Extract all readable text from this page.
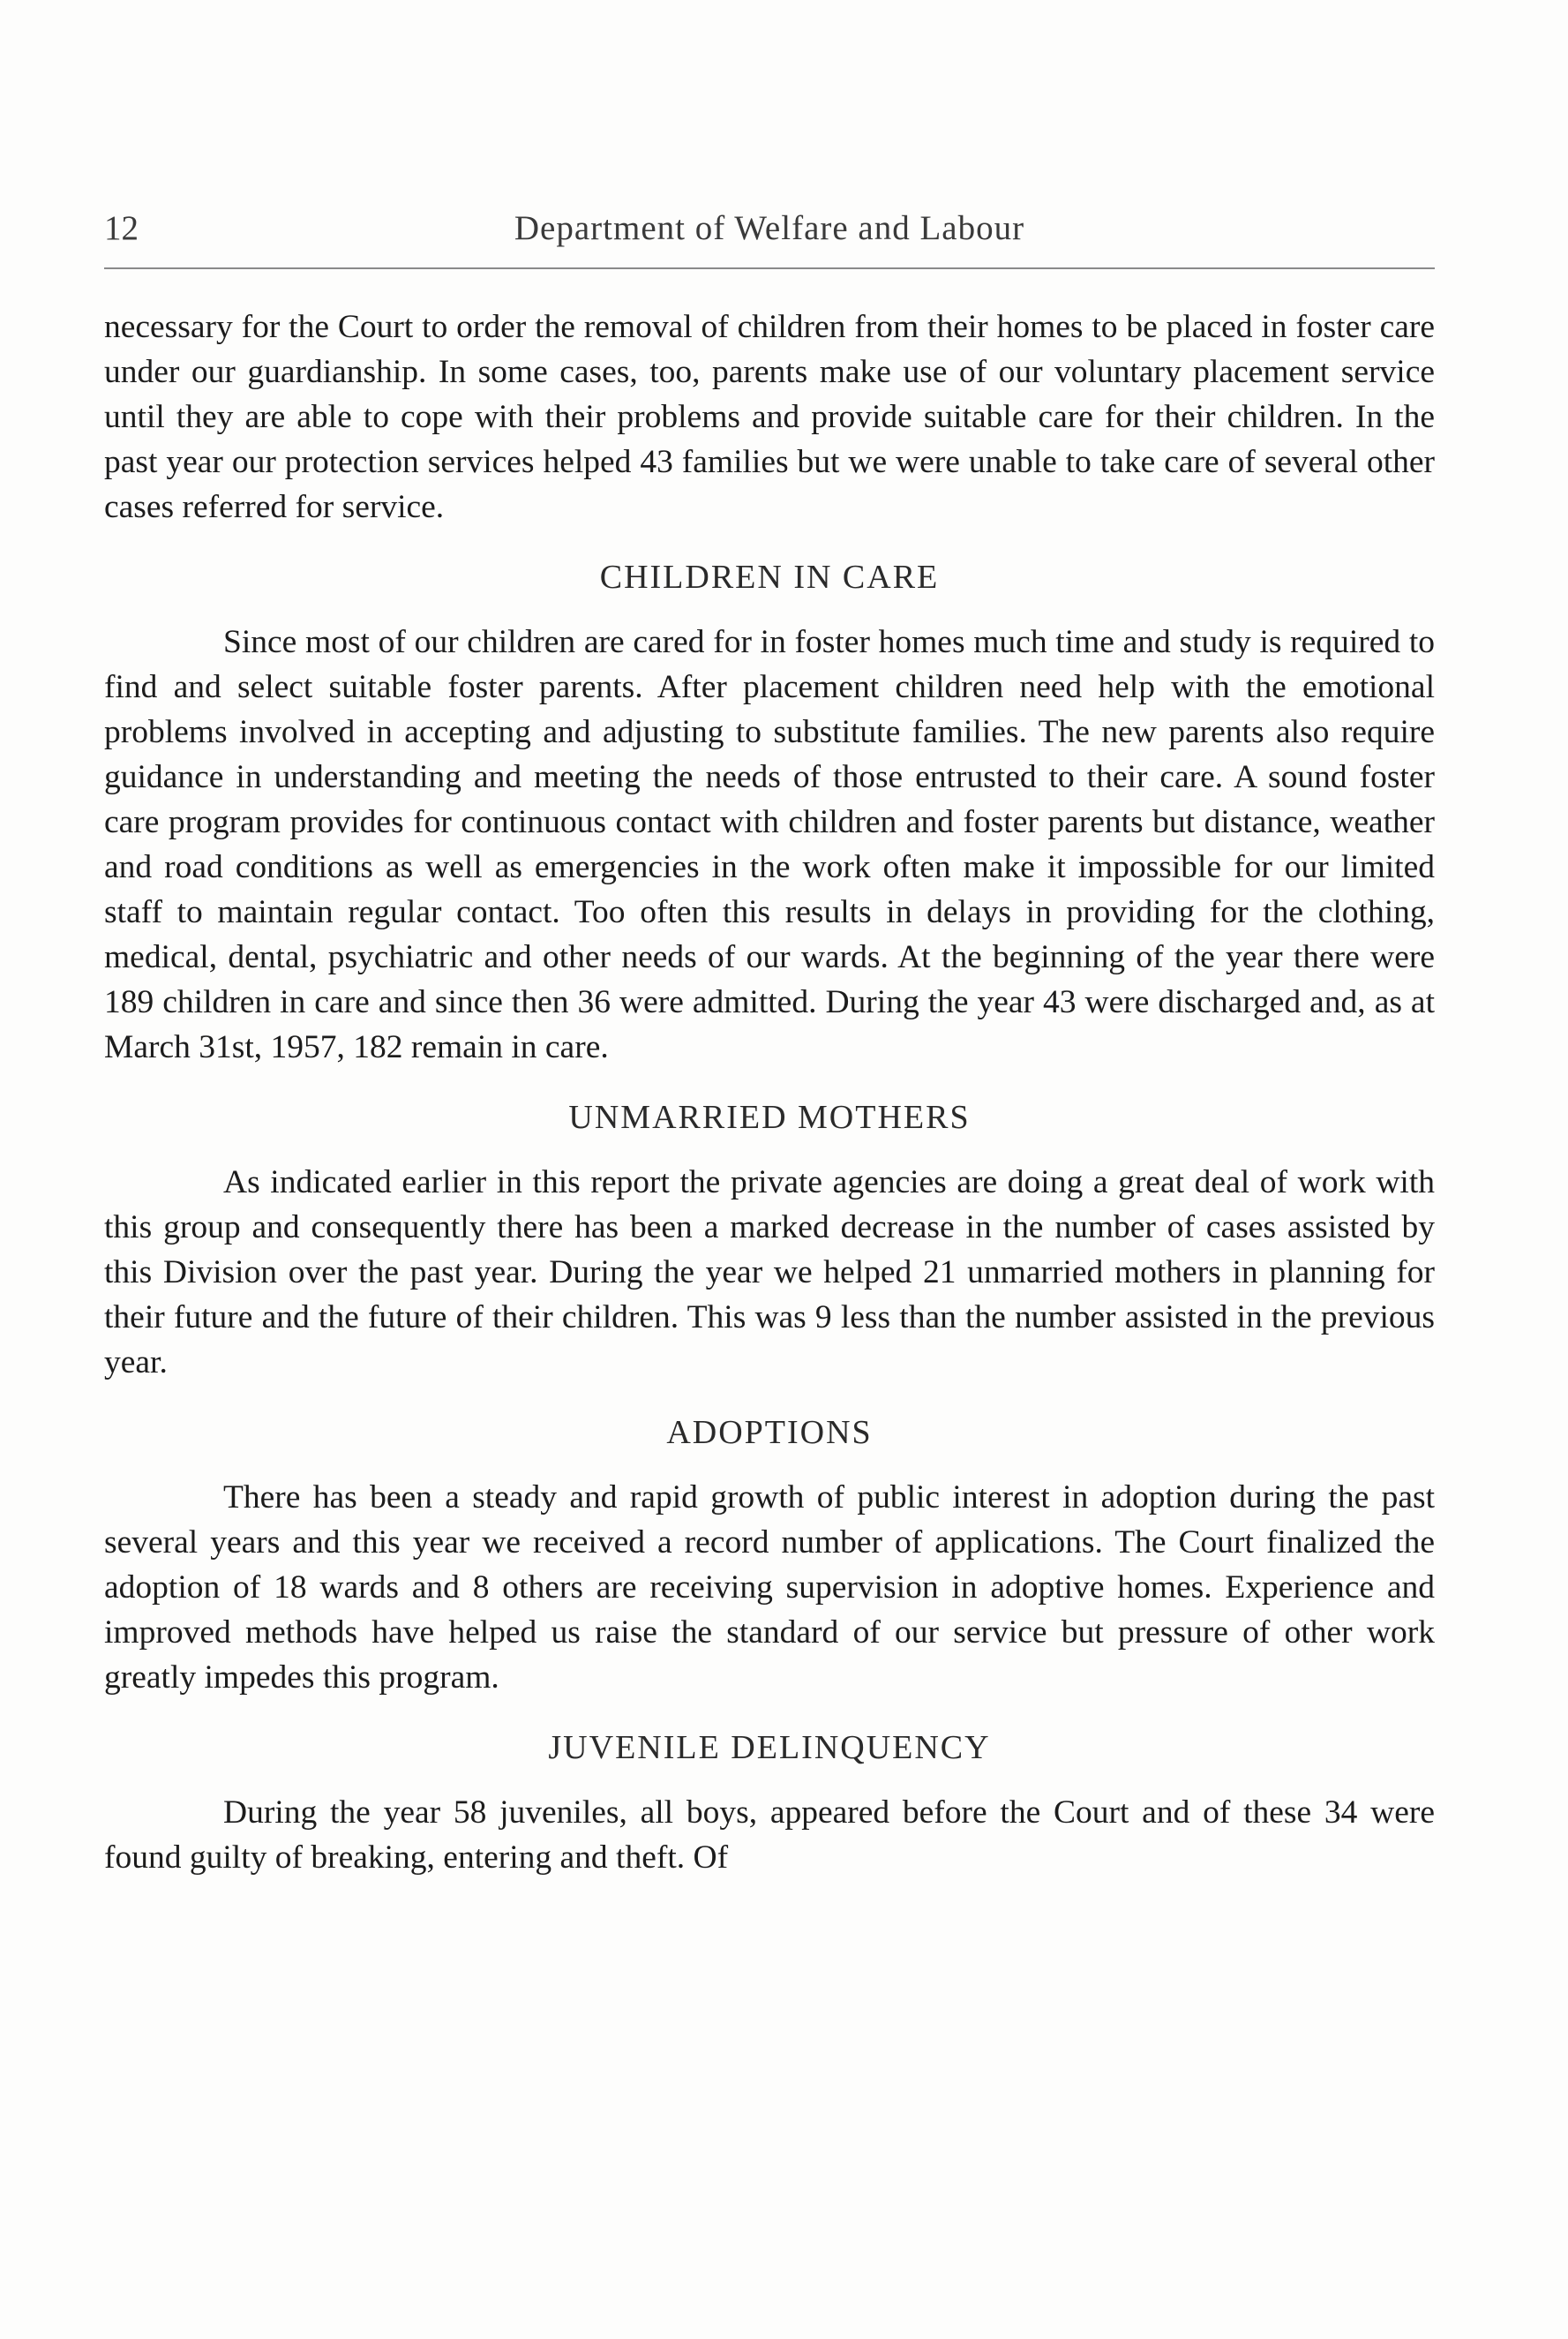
12	Department of Welfare and Labour

necessary for the Court to order the removal of children from their homes to be placed in foster care under our guardianship. In some cases, too, parents make use of our voluntary placement service until they are able to cope with their problems and provide suitable care for their children. In the past year our protection services helped 43 families but we were unable to take care of several other cases referred for service.

CHILDREN IN CARE

Since most of our children are cared for in foster homes much time and study is required to find and select suitable foster parents. After placement children need help with the emotional problems involved in accepting and adjusting to substitute families. The new parents also require guidance in understanding and meeting the needs of those entrusted to their care. A sound foster care program provides for continuous contact with children and foster parents but distance, weather and road conditions as well as emergencies in the work often make it impossible for our limited staff to maintain regular contact. Too often this results in delays in providing for the clothing, medical, dental, psychiatric and other needs of our wards. At the beginning of the year there were 189 children in care and since then 36 were admitted. During the year 43 were discharged and, as at March 31st, 1957, 182 remain in care.

UNMARRIED MOTHERS

As indicated earlier in this report the private agencies are doing a great deal of work with this group and consequently there has been a marked decrease in the number of cases assisted by this Division over the past year. During the year we helped 21 unmarried mothers in planning for their future and the future of their children. This was 9 less than the number assisted in the previous year.

ADOPTIONS

There has been a steady and rapid growth of public interest in adoption during the past several years and this year we received a record number of applications. The Court finalized the adoption of 18 wards and 8 others are receiving supervision in adoptive homes. Experience and improved methods have helped us raise the standard of our service but pressure of other work greatly impedes this program.

JUVENILE DELINQUENCY

During the year 58 juveniles, all boys, appeared before the Court and of these 34 were found guilty of breaking, entering and theft. Of
